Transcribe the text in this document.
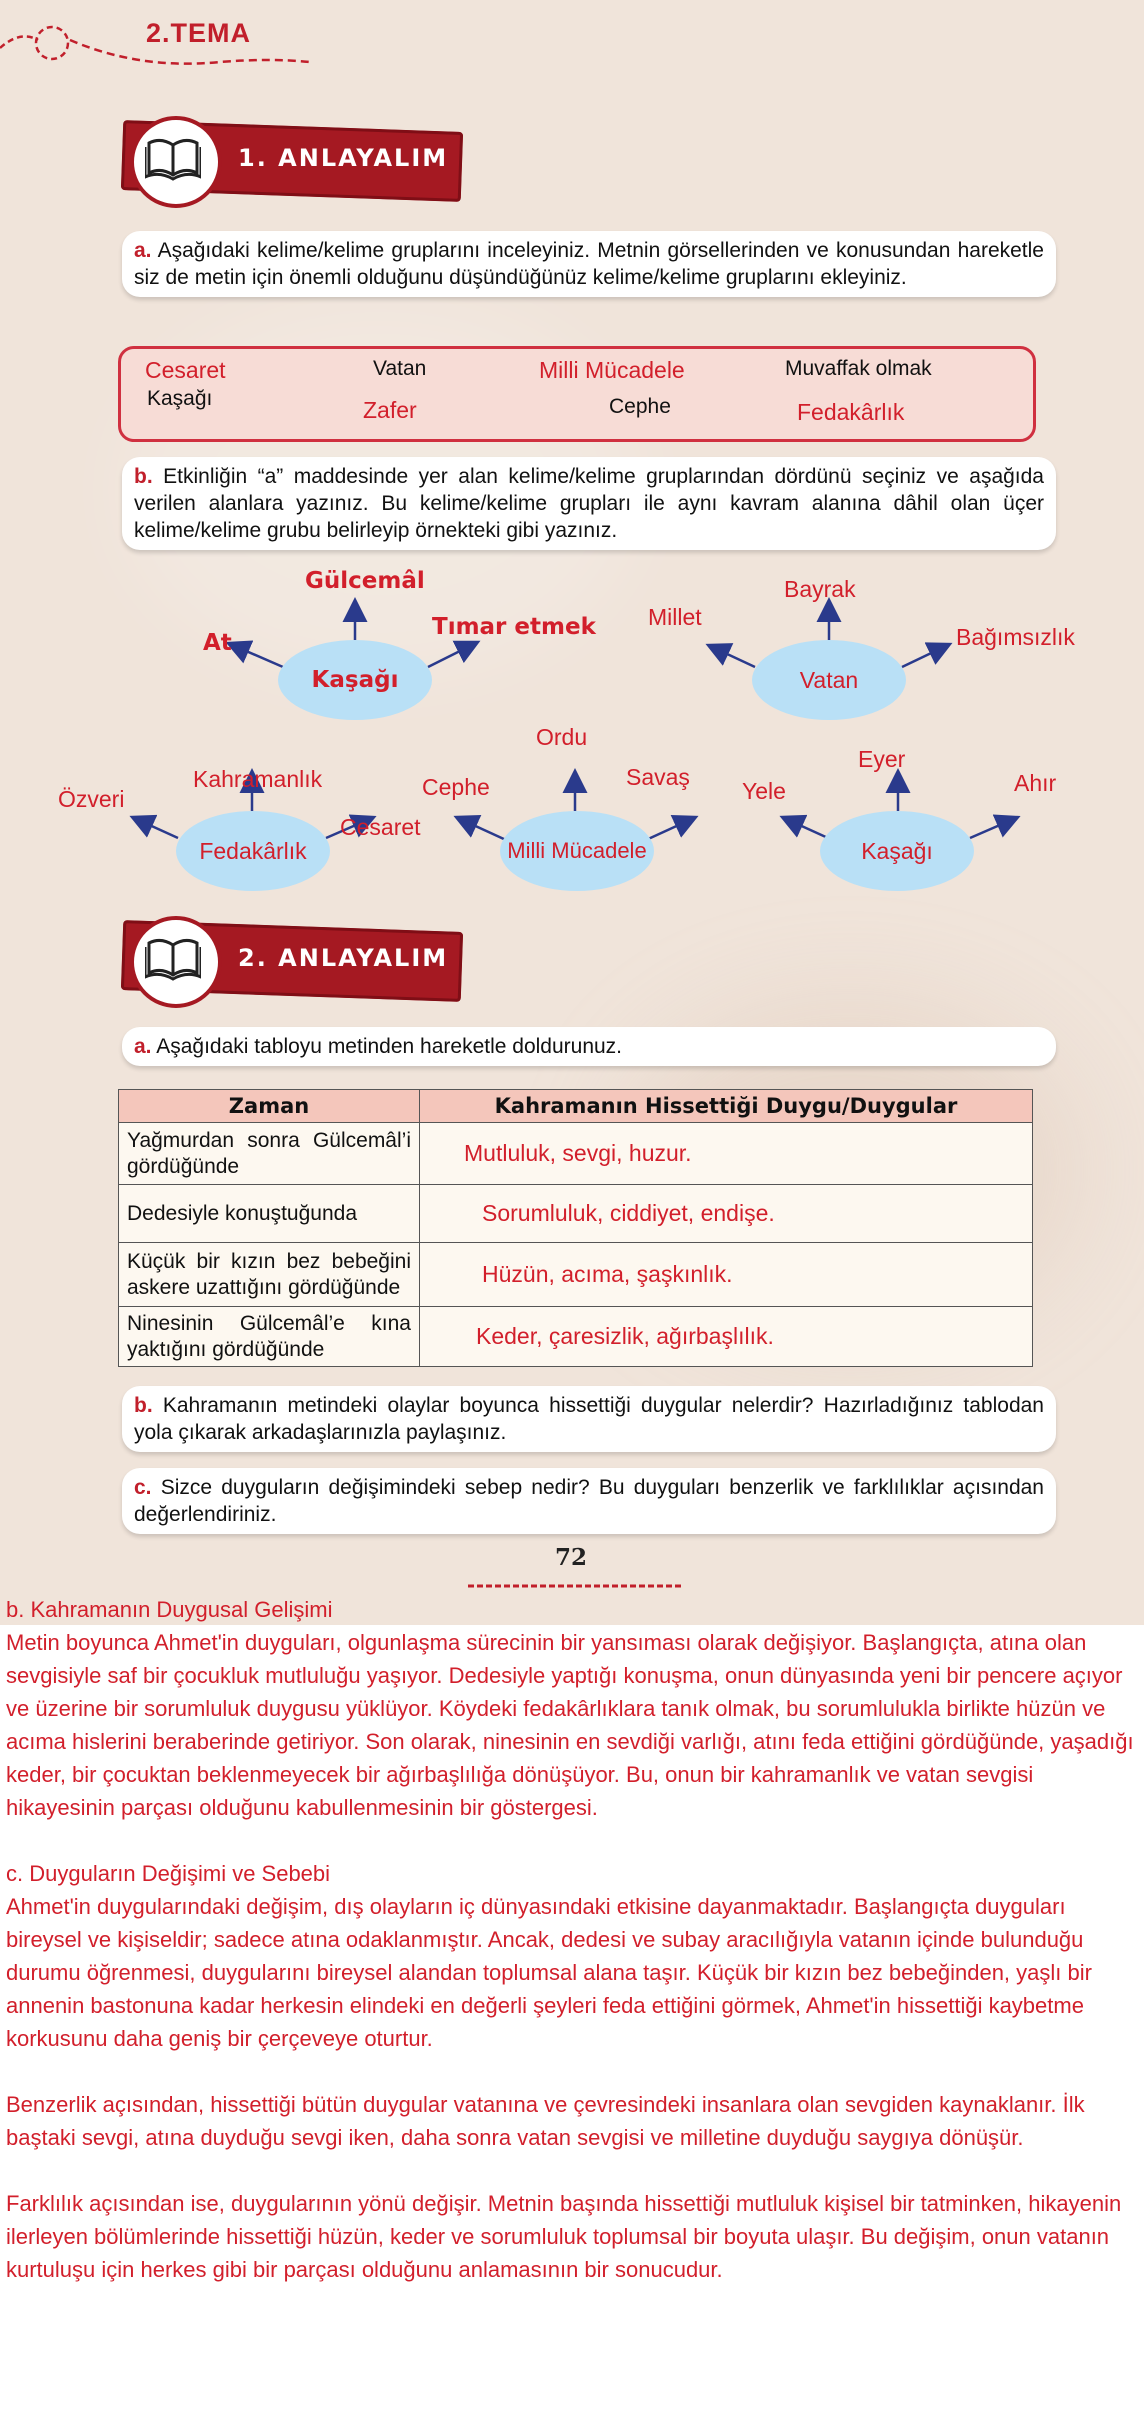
2.TEMA
1. ANLAYALIM
a. Aşağıdaki kelime/kelime gruplarını inceleyiniz. Metnin görsellerinden ve konusundan hareketle siz de metin için önemli olduğunu düşündüğünüz kelime/kelime gruplarını ekleyiniz.
Cesaret	Vatan	Milli Mücadele	Muvaffak olmak
Kaşağı	Zafer	Cephe	Fedakârlık
b. Etkinliğin “a” maddesinde yer alan kelime/kelime gruplarından dördünü seçiniz ve aşağıda verilen alanlara yazınız. Bu kelime/kelime grupları ile aynı kavram alanına dâhil olan üçer kelime/kelime grubu belirleyip örnekteki gibi yazınız.
Kaşağı
At
Gülcemâl
Tımar etmek
Vatan
Millet
Bayrak
Bağımsızlık
Fedakârlık
Özveri
Kahramanlık
Cesaret
Milli Mücadele
Cephe
Ordu
Savaş
Kaşağı
Yele
Eyer
Ahır
2. ANLAYALIM
a. Aşağıdaki tabloyu metinden hareketle doldurunuz.
Zaman	Kahramanın Hissettiği Duygu/Duygular
Yağmurdan sonra Gülcemâl’i gördüğünde	Mutluluk, sevgi, huzur.
Dedesiyle konuştuğunda	Sorumluluk, ciddiyet, endişe.
Küçük bir kızın bez bebeğini askere uzattığını gördüğünde	Hüzün, acıma, şaşkınlık.
Ninesinin Gülcemâl’e kına yaktığını gördüğünde	Keder, çaresizlik, ağırbaşlılık.
b. Kahramanın metindeki olaylar boyunca hissettiği duygular nelerdir? Hazırladığınız tablodan yola çıkarak arkadaşlarınızla paylaşınız.
c. Sizce duyguların değişimindeki sebep nedir? Bu duyguları benzerlik ve farklılıklar açısından değerlendiriniz.
72

b. Kahramanın Duygusal Gelişimi

Metin boyunca Ahmet'in duyguları, olgunlaşma sürecinin bir yansıması olarak değişiyor. Başlangıçta, atına olan sevgisiyle saf bir çocukluk mutluluğu yaşıyor. Dedesiyle yaptığı konuşma, onun dünyasında yeni bir pencere açıyor ve üzerine bir sorumluluk duygusu yüklüyor. Köydeki fedakârlıklara tanık olmak, bu sorumlulukla birlikte hüzün ve acıma hislerini beraberinde getiriyor. Son olarak, ninesinin en sevdiği varlığı, atını feda ettiğini gördüğünde, yaşadığı keder, bir çocuktan beklenmeyecek bir ağırbaşlılığa dönüşüyor. Bu, onun bir kahramanlık ve vatan sevgisi hikayesinin parçası olduğunu kabullenmesinin bir göstergesi.

c. Duyguların Değişimi ve Sebebi

Ahmet'in duygularındaki değişim, dış olayların iç dünyasındaki etkisine dayanmaktadır. Başlangıçta duyguları bireysel ve kişiseldir; sadece atına odaklanmıştır. Ancak, dedesi ve subay aracılığıyla vatanın içinde bulunduğu durumu öğrenmesi, duygularını bireysel alandan toplumsal alana taşır. Küçük bir kızın bez bebeğinden, yaşlı bir annenin bastonuna kadar herkesin elindeki en değerli şeyleri feda ettiğini görmek, Ahmet'in hissettiği kaybetme korkusunu daha geniş bir çerçeveye oturtur.

Benzerlik açısından, hissettiği bütün duygular vatanına ve çevresindeki insanlara olan sevgiden kaynaklanır. İlk baştaki sevgi, atına duyduğu sevgi iken, daha sonra vatan sevgisi ve milletine duyduğu saygıya dönüşür.

Farklılık açısından ise, duygularının yönü değişir. Metnin başında hissettiği mutluluk kişisel bir tatminken, hikayenin ilerleyen bölümlerinde hissettiği hüzün, keder ve sorumluluk toplumsal bir boyuta ulaşır. Bu değişim, onun vatanın kurtuluşu için herkes gibi bir parçası olduğunu anlamasının bir sonucudur.
